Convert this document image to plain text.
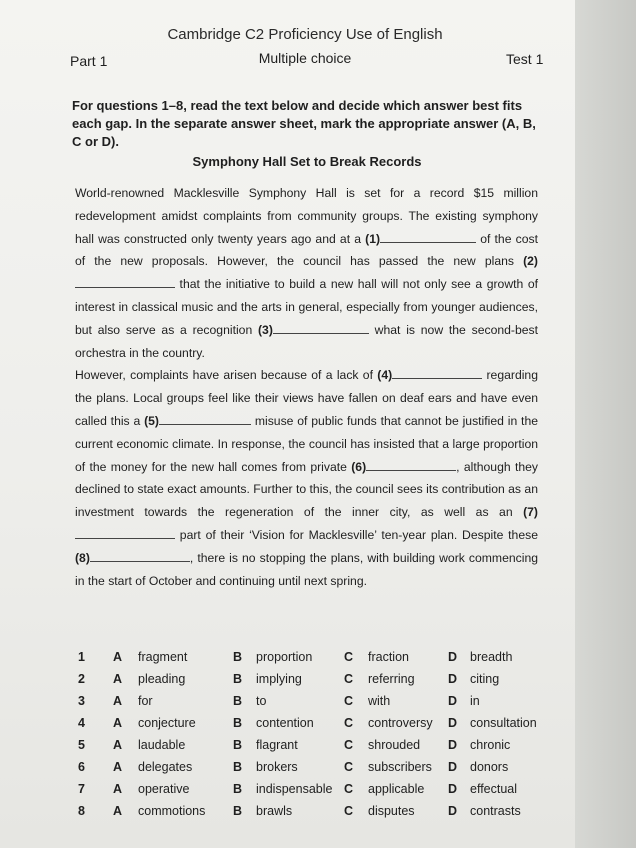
Cambridge C2 Proficiency Use of English
Part 1	Multiple choice	Test 1
For questions 1–8, read the text below and decide which answer best fits each gap. In the separate answer sheet, mark the appropriate answer (A, B, C or D).
Symphony Hall Set to Break Records

World-renowned Macklesville Symphony Hall is set for a record $15 million redevelopment amidst complaints from community groups. The existing symphony hall was constructed only twenty years ago and at a (1)	of the cost of the new proposals. However, the council has passed the new plans (2) that the initiative to build a new hall will not only see a growth of interest in classical music and the arts in general, especially from younger audiences, but also serve as a recognition (3)	what is now the second-best orchestra in the country.

However, complaints have arisen because of a lack of (4)	regarding the plans. Local groups feel like their views have fallen on deaf ears and have even called this a (5)	misuse of public funds that cannot be justified in the current economic climate. In response, the council has insisted that a large proportion of the money for the new hall comes from private (6)	, although they declined to state exact amounts. Further to this, the council sees its contribution as an investment towards the regeneration of the inner city, as well as an (7) part of their ‘Vision for Macklesville’ ten-year plan. Despite these (8)	, there is no stopping the plans, with building work commencing in the start of October and continuing until next spring.

1 A fragment	B proportion	C fraction	D breadth
2 A pleading	B implying	C referring	D citing
3 A for	B to	C with	D in
4 A conjecture	B contention C controversy D consultation
5 A laudable	B flagrant	C shrouded D chronic
6 A delegates	B brokers	C subscribers D donors
7 A operative	B indispensable C applicable D effectual
8 A commotions B brawls	C disputes	D contrasts
